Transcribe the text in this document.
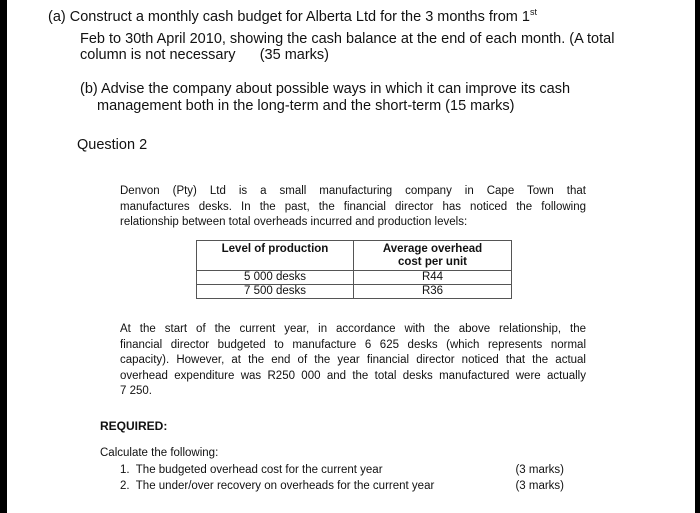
(a) Construct a monthly cash budget for Alberta Ltd for the 3 months from 1st

Feb to 30th April 2010, showing the cash balance at the end of each month. (A total

column is not necessary      (35 marks)

(b) Advise the company about possible ways in which it can improve its cash

management both in the long-term and the short-term (15 marks)

Question 2

Denvon (Pty) Ltd is a small manufacturing company in Cape Town that
manufactures desks. In the past, the financial director has noticed the following
relationship between total overheads incurred and production levels:
Level of production	Average overhead cost per unit
5 000 desks	R44
7 500 desks	R36
At the start of the current year, in accordance with the above relationship, the
financial director budgeted to manufacture 6 625 desks (which represents normal
capacity). However, at the end of the year financial director noticed that the actual
overhead expenditure was R250 000 and the total desks manufactured were actually
7 250.

REQUIRED:

Calculate the following:

1.  The budgeted overhead cost for the current year	(3 marks)

2.  The under/over recovery on overheads for the current year	(3 marks)
